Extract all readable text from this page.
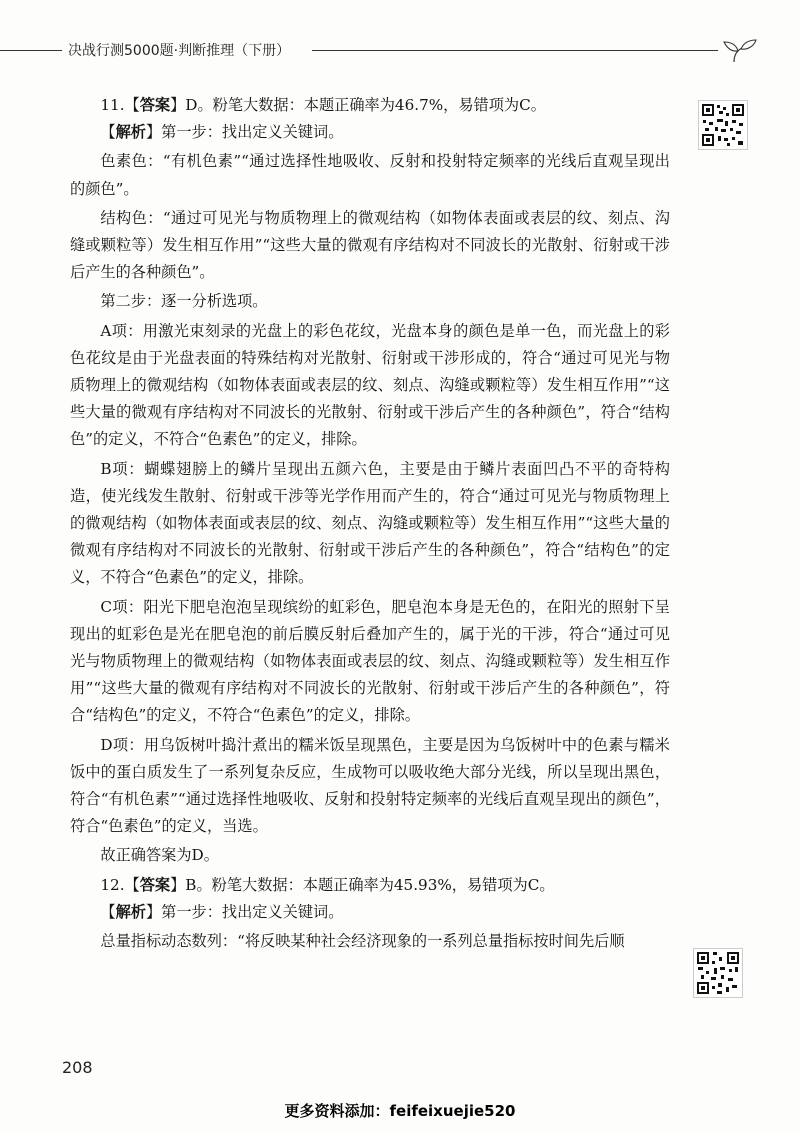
决战行测5000题·判断推理（下册）

11.【答案】D。粉笔大数据：本题正确率为46.7%，易错项为C。

【解析】第一步：找出定义关键词。

色素色：“有机色素”“通过选择性地吸收、反射和投射特定频率的光线后直观呈现出的颜色”。

结构色：“通过可见光与物质物理上的微观结构（如物体表面或表层的纹、刻点、沟缝或颗粒等）发生相互作用”“这些大量的微观有序结构对不同波长的光散射、衍射或干涉后产生的各种颜色”。

第二步：逐一分析选项。

A项：用激光束刻录的光盘上的彩色花纹，光盘本身的颜色是单一色，而光盘上的彩色花纹是由于光盘表面的特殊结构对光散射、衍射或干涉形成的，符合“通过可见光与物质物理上的微观结构（如物体表面或表层的纹、刻点、沟缝或颗粒等）发生相互作用”“这些大量的微观有序结构对不同波长的光散射、衍射或干涉后产生的各种颜色”，符合“结构色”的定义，不符合“色素色”的定义，排除。

B项：蝴蝶翅膀上的鳞片呈现出五颜六色，主要是由于鳞片表面凹凸不平的奇特构造，使光线发生散射、衍射或干涉等光学作用而产生的，符合“通过可见光与物质物理上的微观结构（如物体表面或表层的纹、刻点、沟缝或颗粒等）发生相互作用”“这些大量的微观有序结构对不同波长的光散射、衍射或干涉后产生的各种颜色”，符合“结构色”的定义，不符合“色素色”的定义，排除。

C项：阳光下肥皂泡泡呈现缤纷的虹彩色，肥皂泡本身是无色的，在阳光的照射下呈现出的虹彩色是光在肥皂泡的前后膜反射后叠加产生的，属于光的干涉，符合“通过可见光与物质物理上的微观结构（如物体表面或表层的纹、刻点、沟缝或颗粒等）发生相互作用”“这些大量的微观有序结构对不同波长的光散射、衍射或干涉后产生的各种颜色”，符合“结构色”的定义，不符合“色素色”的定义，排除。

D项：用乌饭树叶捣汁煮出的糯米饭呈现黑色，主要是因为乌饭树叶中的色素与糯米饭中的蛋白质发生了一系列复杂反应，生成物可以吸收绝大部分光线，所以呈现出黑色，符合“有机色素”“通过选择性地吸收、反射和投射特定频率的光线后直观呈现出的颜色”，符合“色素色”的定义，当选。

故正确答案为D。

12.【答案】B。粉笔大数据：本题正确率为45.93%，易错项为C。

【解析】第一步：找出定义关键词。

总量指标动态数列：“将反映某种社会经济现象的一系列总量指标按时间先后顺

208
更多资料添加：feifeixuejie520
